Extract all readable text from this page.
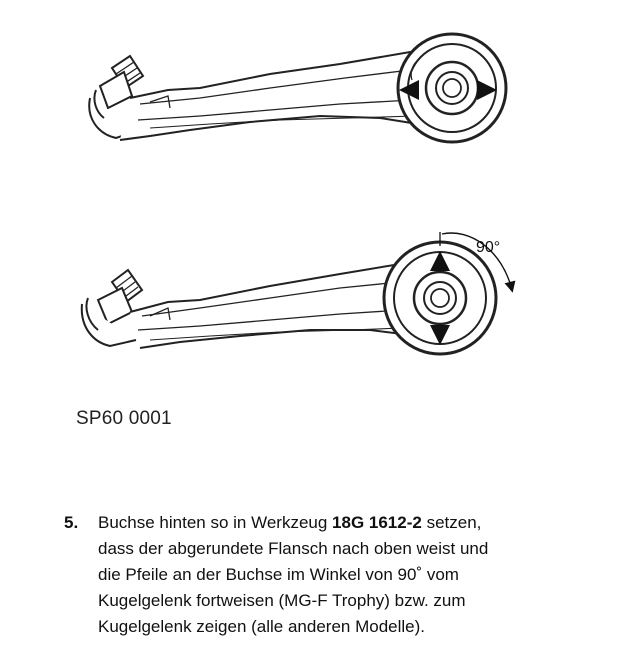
90°
SP60 0001
5. Buchse hinten so in Werkzeug 18G 1612-2 setzen,
dass der abgerundete Flansch nach oben weist und
die Pfeile an der Buchse im Winkel von 90˚ vom
Kugelgelenk fortweisen (MG-F Trophy) bzw. zum
Kugelgelenk zeigen (alle anderen Modelle).
